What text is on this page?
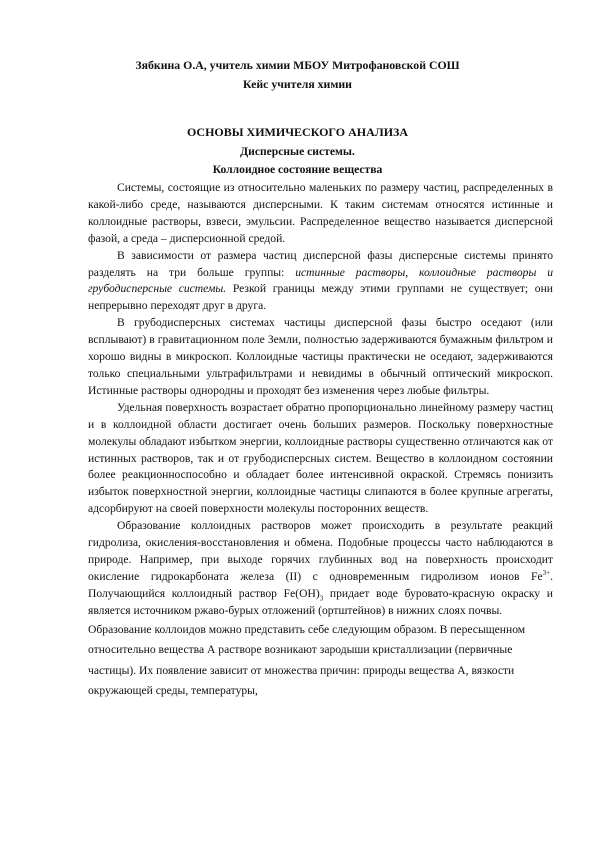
Зябкина О.А, учитель химии МБОУ Митрофановской СОШ
Кейс учителя химии
ОСНОВЫ ХИМИЧЕСКОГО АНАЛИЗА
Дисперсные системы.
Коллоидное состояние вещества

Системы, состоящие из относительно маленьких по размеру частиц, распределенных в какой-либо среде, называются дисперсными. К таким системам относятся истинные и коллоидные растворы, взвеси, эмульсии. Распределенное вещество называется дисперсной фазой, а среда – дисперсионной средой.

В зависимости от размера частиц дисперсной фазы дисперсные системы принято разделять на три больше группы: истинные растворы, коллоидные растворы и грубодисперсные системы. Резкой границы между этими группами не существует; они непрерывно переходят друг в друга.

В грубодисперсных системах частицы дисперсной фазы быстро оседают (или всплывают) в гравитационном поле Земли, полностью задерживаются бумажным фильтром и хорошо видны в микроскоп. Коллоидные частицы практически не оседают, задерживаются только специальными ультрафильтрами и невидимы в обычный оптический микроскоп. Истинные растворы однородны и проходят без изменения через любые фильтры.

Удельная поверхность возрастает обратно пропорционально линейному размеру частиц и в коллоидной области достигает очень больших размеров. Поскольку поверхностные молекулы обладают избытком энергии, коллоидные растворы существенно отличаются как от истинных растворов, так и от грубодисперсных систем. Вещество в коллоидном состоянии более реакционноспособно и обладает более интенсивной окраской. Стремясь понизить избыток поверхностной энергии, коллоидные частицы слипаются в более крупные агрегаты, адсорбируют на своей поверхности молекулы посторонних веществ.

Образование коллоидных растворов может происходить в результате реакций гидролиза, окисления-восстановления и обмена. Подобные процессы часто наблюдаются в природе. Например, при выходе горячих глубинных вод на поверхность происходит окисление гидрокарбоната железа (II) с одновременным гидролизом ионов $Fe^{3+}$. Получающийся коллоидный раствор $Fe(OH)_3$ придает воде буровато-красную окраску и является источником ржаво-бурых отложений (ортштейнов) в нижних слоях почвы.

Образование коллоидов можно представить себе следующим образом. В пересыщенном относительно вещества А растворе возникают зародыши кристаллизации (первичные частицы). Их появление зависит от множества причин: природы вещества А, вязкости окружающей среды, температуры,
